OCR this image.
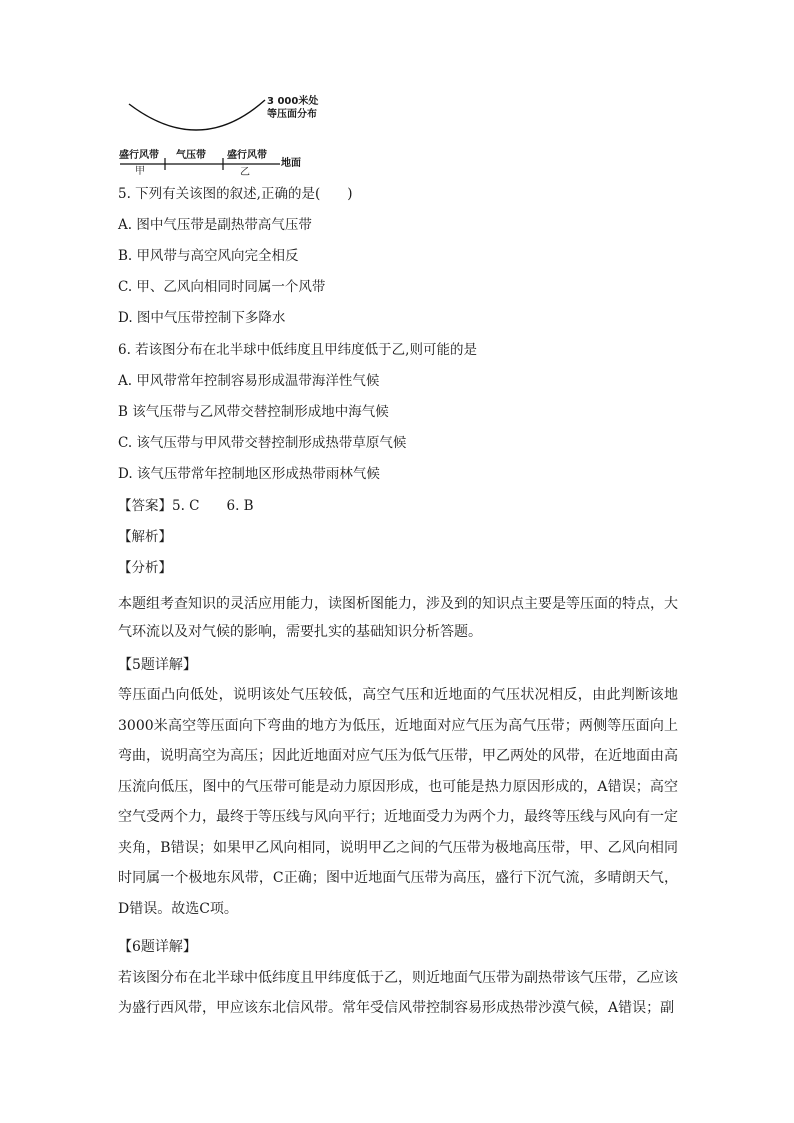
3 000米处
等压面分布
盛行风带 气压带 盛行风带
地面
甲	乙
5. 下列有关该图的叙述,正确的是(　　)
A. 图中气压带是副热带高气压带
B. 甲风带与高空风向完全相反
C. 甲、乙风向相同时同属一个风带
D. 图中气压带控制下多降水
6. 若该图分布在北半球中低纬度且甲纬度低于乙,则可能的是
A. 甲风带常年控制容易形成温带海洋性气候
B 该气压带与乙风带交替控制形成地中海气候
C. 该气压带与甲风带交替控制形成热带草原气候
D. 该气压带常年控制地区形成热带雨林气候
【答案】5. C　　6. B
【解析】
【分析】
本题组考查知识的灵活应用能力，读图析图能力，涉及到的知识点主要是等压面的特点，大气环流以及对气候的影响，需要扎实的基础知识分析答题。
【5题详解】
等压面凸向低处，说明该处气压较低，高空气压和近地面的气压状况相反，由此判断该地3000米高空等压面向下弯曲的地方为低压，近地面对应气压为高气压带；两侧等压面向上弯曲，说明高空为高压；因此近地面对应气压为低气压带，甲乙两处的风带，在近地面由高压流向低压，图中的气压带可能是动力原因形成，也可能是热力原因形成的，A错误；高空空气受两个力，最终于等压线与风向平行；近地面受力为两个力，最终等压线与风向有一定夹角，B错误；如果甲乙风向相同，说明甲乙之间的气压带为极地高压带，甲、乙风向相同时同属一个极地东风带，C正确；图中近地面气压带为高压，盛行下沉气流，多晴朗天气，D错误。故选C项。
【6题详解】
若该图分布在北半球中低纬度且甲纬度低于乙，则近地面气压带为副热带该气压带，乙应该为盛行西风带，甲应该东北信风带。常年受信风带控制容易形成热带沙漠气候，A错误；副
